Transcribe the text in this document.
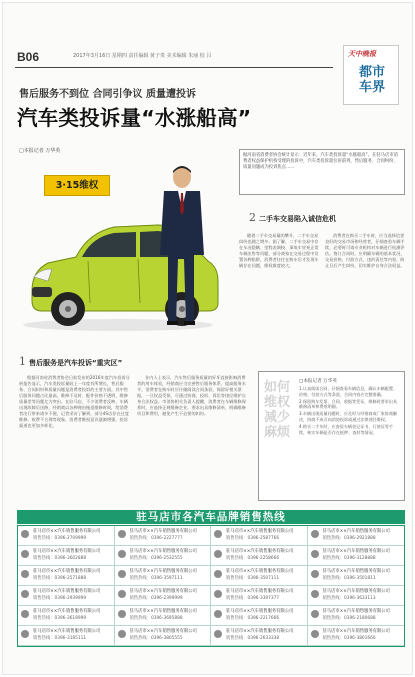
B06	2017年3月16日 星期四 责任编辑 黄子贵 美术编辑 朱丽 校 吕	天中晚报
都市
车界
售后服务不到位 合同引争议 质量遭投诉
汽车类投诉量“水涨船高”
□本报记者 万华英

据河南省消费者协会统计显示：近年来，汽车类投诉量“水涨船高”。在驻马店市消费者权益保护机构受理的投诉中，汽车类投诉量位居前列，售后服务、合同纠纷、质量问题成为投诉焦点……

3·15维权
2 二手车交易陷入诚信危机

随着二手车交易量的攀升，二手车交易纠纷也随之增多。据了解，二手车交易中存在车况隐瞒、里程表调校、事故车冒充正常车辆出售等问题，部分商家在交易过程中设置各种陷阱，消费者往往在购车后才发现车辆存在问题，维权难度较大。

消费者在购买二手车时，应当选择信誉良好的交易市场和经营者，仔细查验车辆手续，必要时可请专业机构对车辆进行检测评估。签订合同时，应明确车辆的基本状况、交易价格、付款方式、违约责任等内容，防止日后产生纠纷，切实维护自身合法权益。

如何维权减少麻烦
□本报记者 万华英

1.认真阅读合同，仔细查看车辆信息，确认车辆配置、价格、付款方式等条款，合同内容应完整准确。

2.保留购车发票、合同、收据等凭证，维修时要求出具维修清单和费用明细。

3.车辆出现质量问题时，应及时与经销商或厂家协商解决，协商不成可向消协投诉或通过法律途径维权。

4.购买二手车时，应查验车辆登记证书、行驶证等手续，核实车辆是否存在抵押、查封等情况。

1 售后服务是汽车投诉“重灾区”

根据河南省消费者协会日前发布的2016年度汽车投诉分析报告显示，汽车类投诉量较上一年度有所增长，售后服务、合同纠纷和质量问题是消费者投诉的主要方面。其中售后服务问题占比最高，维修不及时、配件价格不透明、维修质量差等问题尤为突出。在驻马店，不少消费者反映，车辆出现故障后送修，经销商以各种理由拖延维修时间，给消费者出行带来诸多不便。记者采访了解到，部分4S店存在过度维修、收费不合理等现象，消费者维权意识逐渐增强，投诉渠道也更加多样化。

业内人士表示，汽车售后服务质量的好坏直接影响消费者的用车体验，经销商应当完善售后服务体系，提高服务水平。消费者在购车时应仔细阅读合同条款，保留好相关票据，一旦权益受损，可通过协商、投诉、诉讼等途径维护自身合法权益。市消协相关负责人提醒，消费者在车辆维修保养时，应选择正规维修企业，要求出具维修清单，明确维修项目和费用，避免产生不必要的纠纷。

驻马店市各汽车品牌销售热线
驻马店市××汽车销售服务有限公司
销售热线：0396-2709999
驻马店市××汽车销售服务有限公司
销售热线：0396-2227777
驻马店市××汽车销售服务有限公司
销售热线：0396-2587766
驻马店市××汽车销售服务有限公司
销售热线：0396-2921888
驻马店市××汽车销售服务有限公司
销售热线：0396-3602888
驻马店市××汽车销售服务有限公司
销售热线：0396-2532555
驻马店市××汽车销售服务有限公司
销售热线：0396-2258666
驻马店市××汽车销售服务有限公司
销售热线：0396-3128888
驻马店市××汽车销售服务有限公司
销售热线：0396-2571888
驻马店市××汽车销售服务有限公司
销售热线：0396-3597111
驻马店市××汽车销售服务有限公司
销售热线：0396-3507111
驻马店市××汽车销售服务有限公司
销售热线：0396-3501811
驻马店市××汽车销售服务有限公司
销售热线：0396-2939999
驻马店市××汽车销售服务有限公司
销售热线：0396-2399999
驻马店市××汽车销售服务有限公司
销售热线：0396-3397377
驻马店市××汽车销售服务有限公司
销售热线：0396-3633113
驻马店市××汽车销售服务有限公司
销售热线：0396-3618999
驻马店市××汽车销售服务有限公司
销售热线：0396-3695888
驻马店市××汽车销售服务有限公司
销售热线：0396-2217666
驻马店市××汽车销售服务有限公司
销售热线：0396-2180688
驻马店市××汽车销售服务有限公司
销售热线：0396-3185111
驻马店市××汽车销售服务有限公司
销售热线：0396-3805555
驻马店市××汽车销售服务有限公司
销售热线：0396-2633338
驻马店市××汽车销售服务有限公司
销售热线：0396-3801666
